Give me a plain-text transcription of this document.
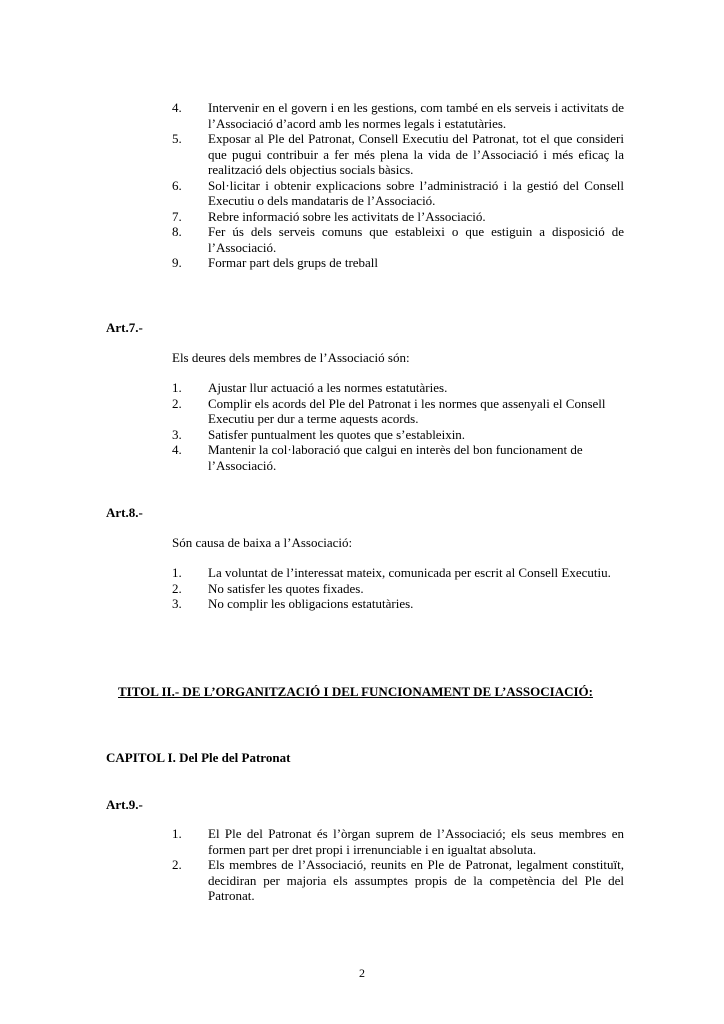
4. Intervenir en el govern i en les gestions, com també en els serveis i activitats de l’Associació d’acord amb les normes legals i estatutàries.
5. Exposar al Ple del Patronat, Consell Executiu del Patronat, tot el que consideri que pugui contribuir a fer més plena la vida de l’Associació i més eficaç la realització dels objectius socials bàsics.
6. Sol·licitar i obtenir explicacions sobre l’administració i la gestió del Consell Executiu o dels mandataris de l’Associació.
7. Rebre informació sobre les activitats de l’Associació.
8. Fer ús dels serveis comuns que estableixi o que estiguin a disposició de l’Associació.
9. Formar part dels grups de treball
Art.7.-
Els deures dels membres de l’Associació són:
1. Ajustar llur actuació a les normes estatutàries.
2. Complir els acords del Ple del Patronat i les normes que assenyali el Consell Executiu per dur a terme aquests acords.
3. Satisfer puntualment les quotes que s’estableixin.
4. Mantenir la col·laboració que calgui en interès del bon funcionament de l’Associació.
Art.8.-
Són causa de baixa a l’Associació:
1. La voluntat de l’interessat mateix, comunicada per escrit al Consell Executiu.
2. No satisfer les quotes fixades.
3. No complir les obligacions estatutàries.
TITOL II.- DE L’ORGANITZACIÓ I DEL FUNCIONAMENT DE L’ASSOCIACIÓ:
CAPITOL I. Del Ple del Patronat
Art.9.-
1. El Ple del Patronat és l’òrgan suprem de l’Associació; els seus membres en formen part per dret propi i irrenunciable i en igualtat absoluta.
2. Els membres de l’Associació, reunits en Ple de Patronat, legalment constituït, decidiran per majoria els assumptes propis de la competència del Ple del Patronat.
2
